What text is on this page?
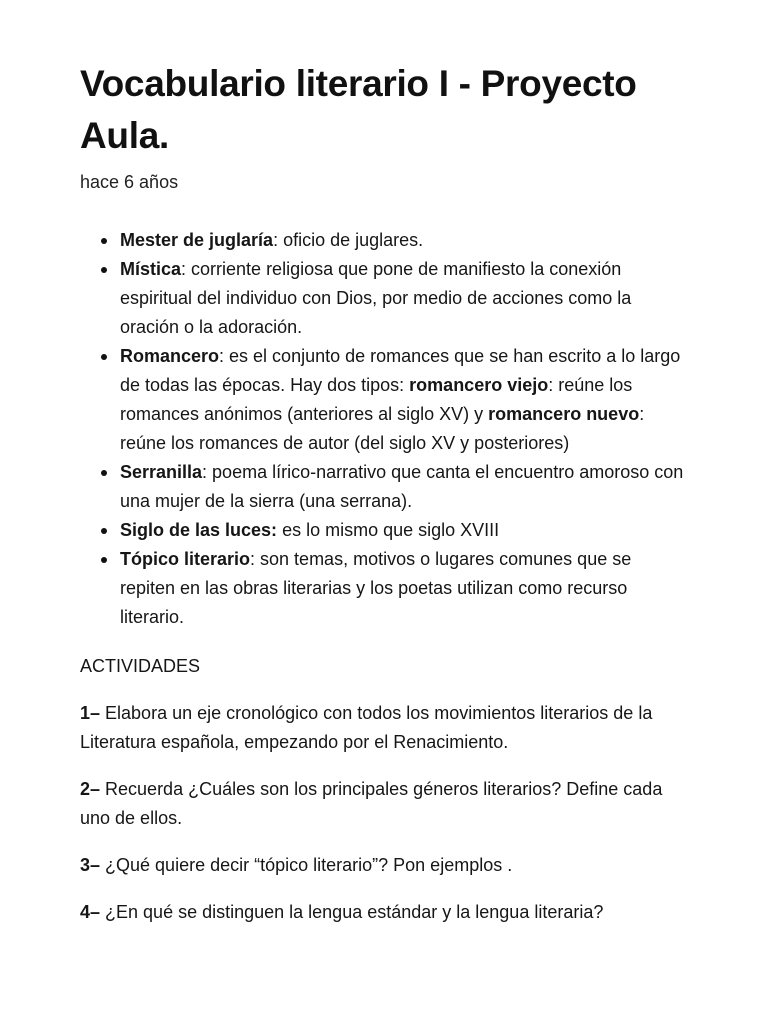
Vocabulario literario I - Proyecto Aula.
hace 6 años
Mester de juglaría: oficio de juglares.
Mística: corriente religiosa que pone de manifiesto la conexión espiritual del individuo con Dios, por medio de acciones como la oración o la adoración.
Romancero: es el conjunto de romances que se han escrito a lo largo de todas las épocas. Hay dos tipos: romancero viejo: reúne los romances anónimos (anteriores al siglo XV) y romancero nuevo: reúne los romances de autor (del siglo XV y posteriores)
Serranilla: poema lírico-narrativo que canta el encuentro amoroso con una mujer de la sierra (una serrana).
Siglo de las luces: es lo mismo que siglo XVIII
Tópico literario: son temas, motivos o lugares comunes que se repiten en las obras literarias y los poetas utilizan como recurso literario.
ACTIVIDADES

1– Elabora un eje cronológico con todos los movimientos literarios de la Literatura española, empezando por el Renacimiento.

2– Recuerda ¿Cuáles son los principales géneros literarios? Define cada uno de ellos.

3– ¿Qué quiere decir “tópico literario”? Pon ejemplos .

4– ¿En qué se distinguen la lengua estándar y la lengua literaria?
